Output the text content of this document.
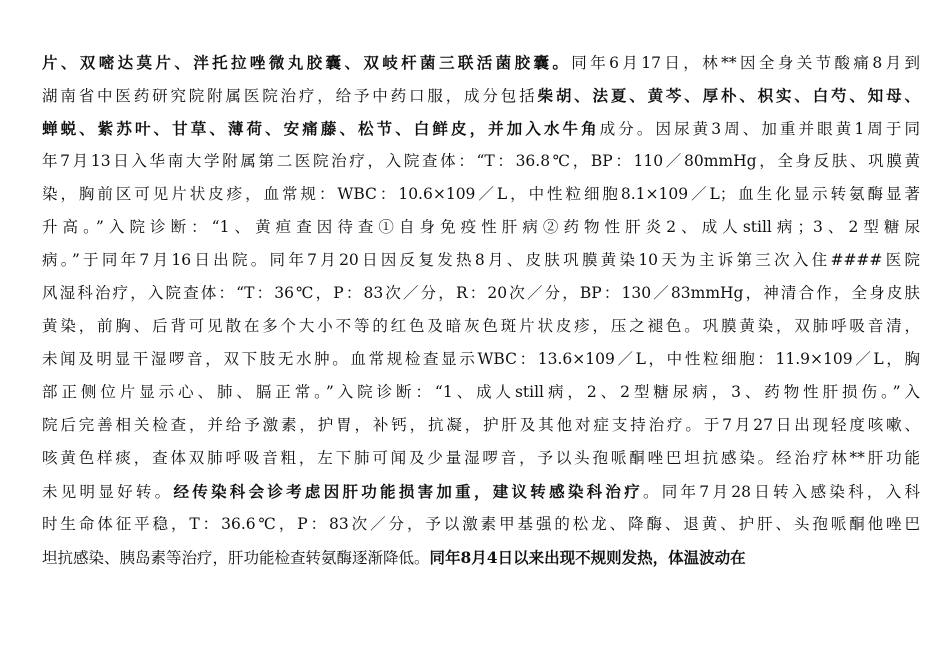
片、双嘧达莫片、泮托拉唑微丸胶囊、双岐杆菌三联活菌胶囊。同年6月17日，林**因全身关节酸痛8月到
湖南省中医药研究院附属医院治疗，给予中药口服，成分包括柴胡、法夏、黄芩、厚朴、枳实、白芍、知母、
蝉蜕、紫苏叶、甘草、薄荷、安痛藤、松节、白鲜皮，并加入水牛角成分。因尿黄3周、加重并眼黄1周于同
年7月13日入华南大学附属第二医院治疗，入院查体：“T：36.8℃，BP：110／80mmHg，全身反肤、巩膜黄
染，胸前区可见片状皮疹，血常规：WBC：10.6×109／L，中性粒细胞8.1×109／L；血生化显示转氨酶显著
升高。”入院诊断：“1、黄疸查因待查①自身免疫性肝病②药物性肝炎2、成人still病；3、2型糖尿
病。”于同年7月16日出院。同年7月20日因反复发热8月、皮肤巩膜黄染10天为主诉第三次入住####医院
风湿科治疗，入院查体：“T：36℃，P：83次／分，R：20次／分，BP：130／83mmHg，神清合作，全身皮肤
黄染，前胸、后背可见散在多个大小不等的红色及暗灰色斑片状皮疹，压之褪色。巩膜黄染，双肺呼吸音清，
未闻及明显干湿啰音，双下肢无水肿。血常规检查显示WBC：13.6×109／L，中性粒细胞：11.9×109／L，胸
部正侧位片显示心、肺、膈正常。”入院诊断：“1、成人still病，2、2型糖尿病，3、药物性肝损伤。”入
院后完善相关检查，并给予激素，护胃，补钙，抗凝，护肝及其他对症支持治疗。于7月27日出现轻度咳嗽、
咳黄色样痰，查体双肺呼吸音粗，左下肺可闻及少量湿啰音，予以头孢哌酮唑巴坦抗感染。经治疗林**肝功能
未见明显好转。经传染科会诊考虑因肝功能损害加重，建议转感染科治疗。同年7月28日转入感染科，入科
时生命体征平稳，T：36.6℃，P：83次／分，予以激素甲基强的松龙、降酶、退黄、护肝、头孢哌酮他唑巴
坦抗感染、胰岛素等治疗，肝功能检查转氨酶逐渐降低。同年8月4日以来出现不规则发热，体温波动在
